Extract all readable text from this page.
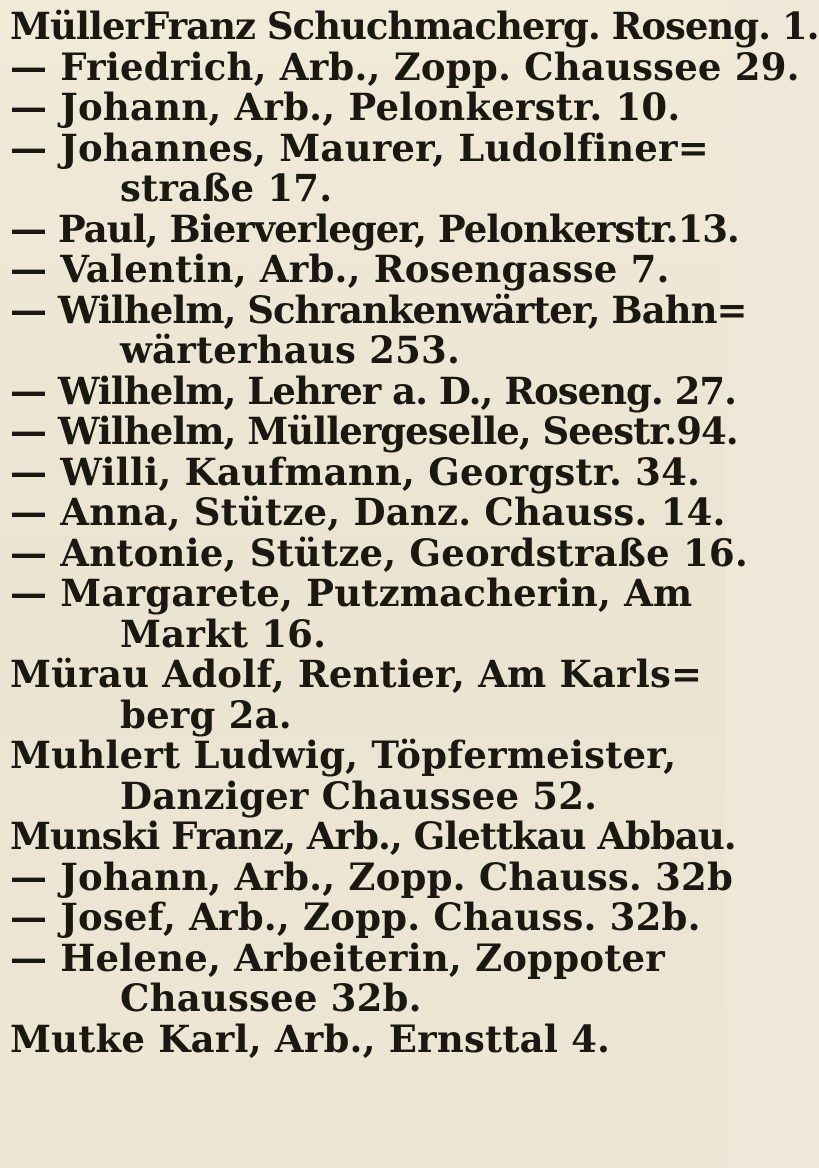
MüllerFranz Schuchmacherg. Roseng. 1.
— Friedrich, Arb., Zopp. Chaussee 29.
— Johann, Arb., Pelonkerstr. 10.
— Johannes, Maurer, Ludolfiner=
straße 17.
— Paul, Bierverleger, Pelonkerstr.13.
— Valentin, Arb., Rosengasse 7.
— Wilhelm, Schrankenwärter, Bahn=
wärterhaus 253.
— Wilhelm, Lehrer a. D., Roseng. 27.
— Wilhelm, Müllergeselle, Seestr.94.
— Willi, Kaufmann, Georgstr. 34.
— Anna, Stütze, Danz. Chauss. 14.
— Antonie, Stütze, Geordstraße 16.
— Margarete, Putzmacherin, Am
Markt 16.
Mürau Adolf, Rentier, Am Karls=
berg 2a.
Muhlert Ludwig, Töpfermeister,
Danziger Chaussee 52.
Munski Franz, Arb., Glettkau Abbau.
— Johann, Arb., Zopp. Chauss. 32b
— Josef, Arb., Zopp. Chauss. 32b.
— Helene, Arbeiterin, Zoppoter
Chaussee 32b.
Mutke Karl, Arb., Ernsttal 4.
